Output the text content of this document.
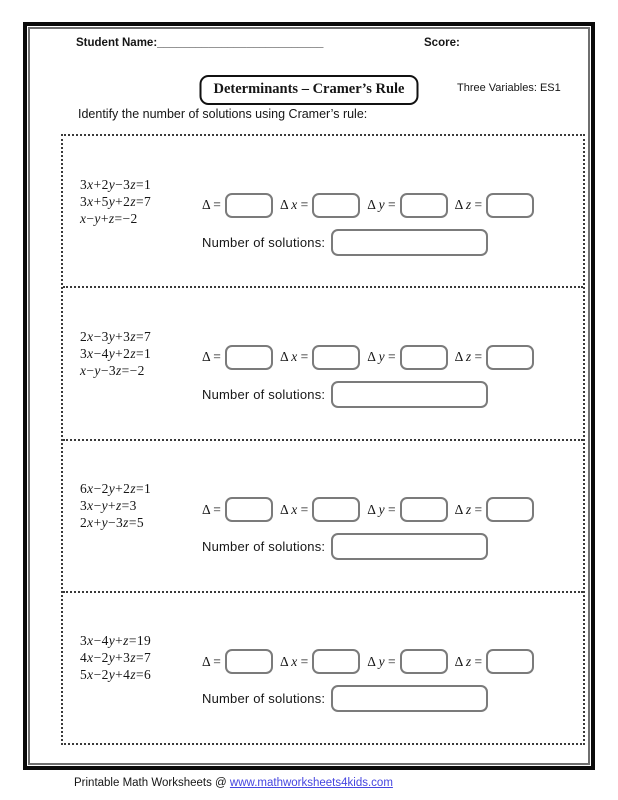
Student Name:__________________________	Score:
Determinants – Cramer’s Rule	Three Variables: ES1
Identify the number of solutions using Cramer’s rule:
3x+2y−3z=1
3x+5y+2z=7
x−y+z=−2
Δ =	Δ x =	Δ y =	Δ z =
Number of solutions:
2x−3y+3z=7
3x−4y+2z=1
x−y−3z=−2
Δ =	Δ x =	Δ y =	Δ z =
Number of solutions:
6x−2y+2z=1
3x−y+z=3
2x+y−3z=5
Δ =	Δ x =	Δ y =	Δ z =
Number of solutions:
3x−4y+z=19
4x−2y+3z=7
5x−2y+4z=6
Δ =	Δ x =	Δ y =	Δ z =
Number of solutions:
Printable Math Worksheets @ www.mathworksheets4kids.com
